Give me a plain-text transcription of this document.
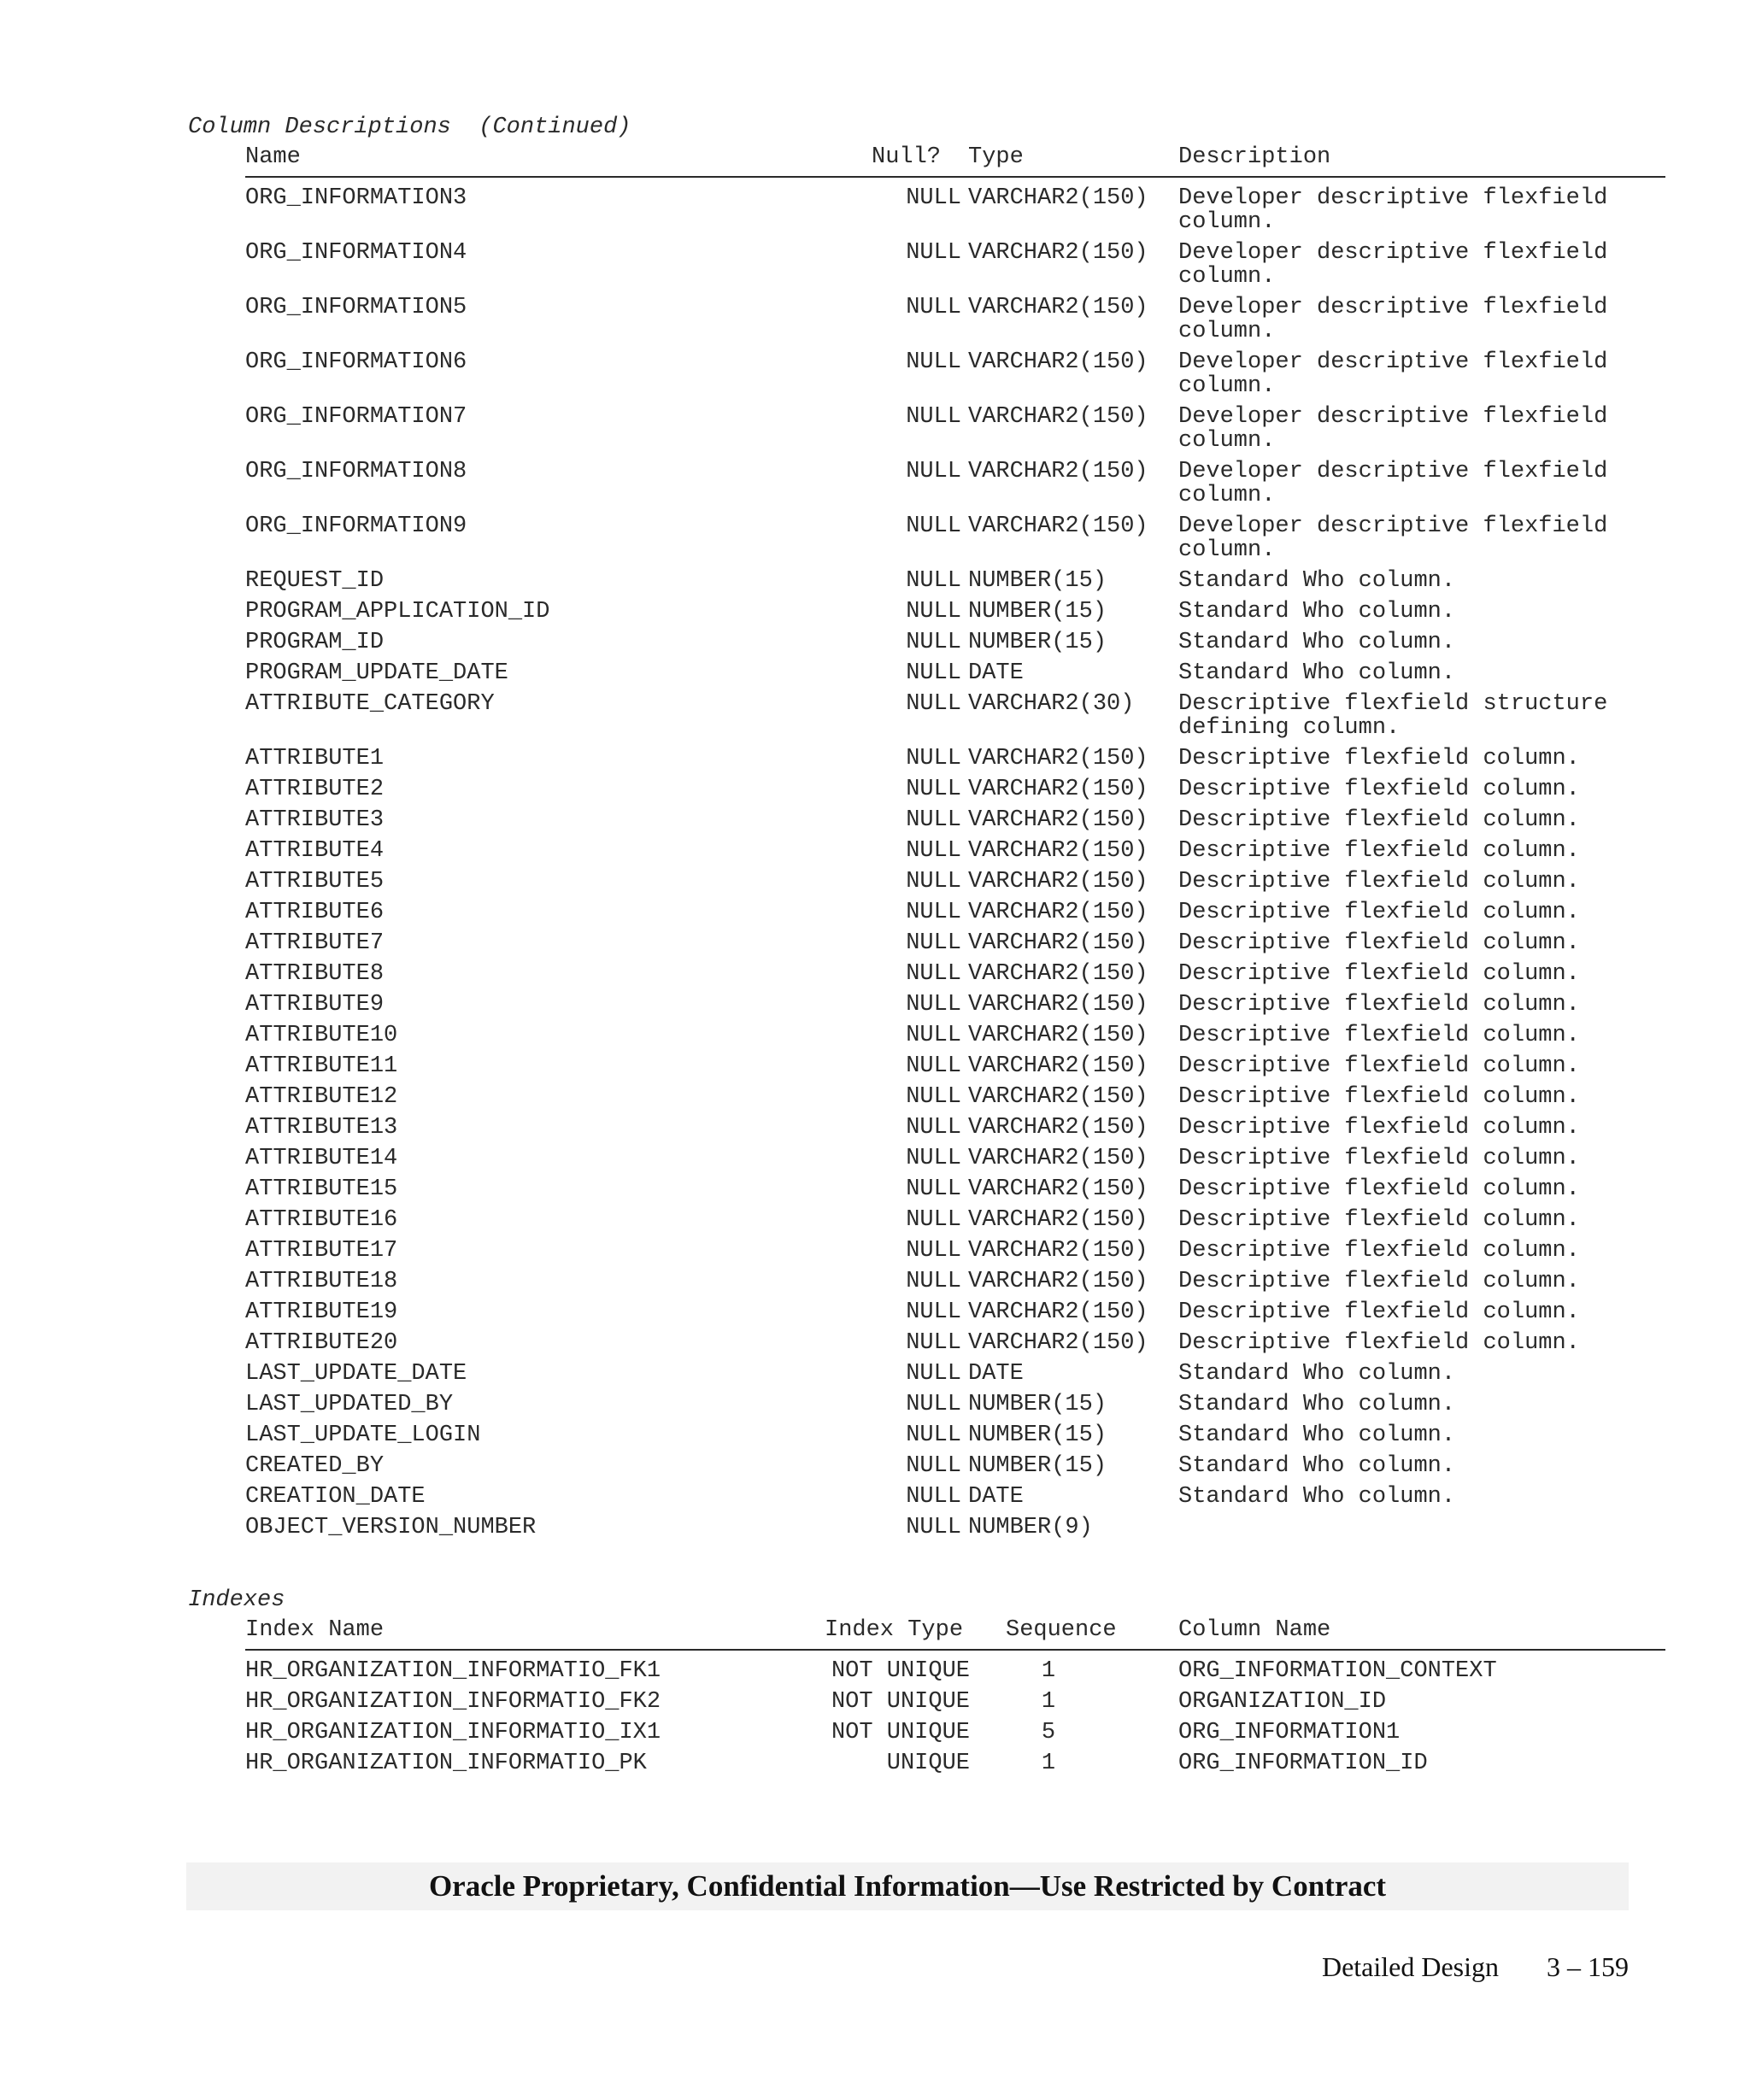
Column Descriptions  (Continued)
Name	Null? Type	Description
ORG_INFORMATION3	NULL VARCHAR2(150) Developer descriptive flexfield column.
ORG_INFORMATION4	NULL VARCHAR2(150) Developer descriptive flexfield column.
ORG_INFORMATION5	NULL VARCHAR2(150) Developer descriptive flexfield column.
ORG_INFORMATION6	NULL VARCHAR2(150) Developer descriptive flexfield column.
ORG_INFORMATION7	NULL VARCHAR2(150) Developer descriptive flexfield column.
ORG_INFORMATION8	NULL VARCHAR2(150) Developer descriptive flexfield column.
ORG_INFORMATION9	NULL VARCHAR2(150) Developer descriptive flexfield column.
REQUEST_ID	NULL NUMBER(15)	Standard Who column.
PROGRAM_APPLICATION_ID	NULL NUMBER(15)	Standard Who column.
PROGRAM_ID	NULL NUMBER(15)	Standard Who column.
PROGRAM_UPDATE_DATE	NULL DATE	Standard Who column.
ATTRIBUTE_CATEGORY	NULL VARCHAR2(30) Descriptive flexfield structure defining column.
ATTRIBUTE1	NULL VARCHAR2(150) Descriptive flexfield column.
ATTRIBUTE2	NULL VARCHAR2(150) Descriptive flexfield column.
ATTRIBUTE3	NULL VARCHAR2(150) Descriptive flexfield column.
ATTRIBUTE4	NULL VARCHAR2(150) Descriptive flexfield column.
ATTRIBUTE5	NULL VARCHAR2(150) Descriptive flexfield column.
ATTRIBUTE6	NULL VARCHAR2(150) Descriptive flexfield column.
ATTRIBUTE7	NULL VARCHAR2(150) Descriptive flexfield column.
ATTRIBUTE8	NULL VARCHAR2(150) Descriptive flexfield column.
ATTRIBUTE9	NULL VARCHAR2(150) Descriptive flexfield column.
ATTRIBUTE10	NULL VARCHAR2(150) Descriptive flexfield column.
ATTRIBUTE11	NULL VARCHAR2(150) Descriptive flexfield column.
ATTRIBUTE12	NULL VARCHAR2(150) Descriptive flexfield column.
ATTRIBUTE13	NULL VARCHAR2(150) Descriptive flexfield column.
ATTRIBUTE14	NULL VARCHAR2(150) Descriptive flexfield column.
ATTRIBUTE15	NULL VARCHAR2(150) Descriptive flexfield column.
ATTRIBUTE16	NULL VARCHAR2(150) Descriptive flexfield column.
ATTRIBUTE17	NULL VARCHAR2(150) Descriptive flexfield column.
ATTRIBUTE18	NULL VARCHAR2(150) Descriptive flexfield column.
ATTRIBUTE19	NULL VARCHAR2(150) Descriptive flexfield column.
ATTRIBUTE20	NULL VARCHAR2(150) Descriptive flexfield column.
LAST_UPDATE_DATE	NULL DATE	Standard Who column.
LAST_UPDATED_BY	NULL NUMBER(15)	Standard Who column.
LAST_UPDATE_LOGIN	NULL NUMBER(15)	Standard Who column.
CREATED_BY	NULL NUMBER(15)	Standard Who column.
CREATION_DATE	NULL DATE	Standard Who column.
OBJECT_VERSION_NUMBER	NULL NUMBER(9)
Indexes
Index Name	Index Type Sequence	Column Name
HR_ORGANIZATION_INFORMATIO_FK1	NOT UNIQUE	1	ORG_INFORMATION_CONTEXT
HR_ORGANIZATION_INFORMATIO_FK2	NOT UNIQUE	1	ORGANIZATION_ID
HR_ORGANIZATION_INFORMATIO_IX1	NOT UNIQUE	5	ORG_INFORMATION1
HR_ORGANIZATION_INFORMATIO_PK	UNIQUE	1	ORG_INFORMATION_ID
Oracle Proprietary, Confidential Information––Use Restricted by Contract
Detailed Design 3 – 159
